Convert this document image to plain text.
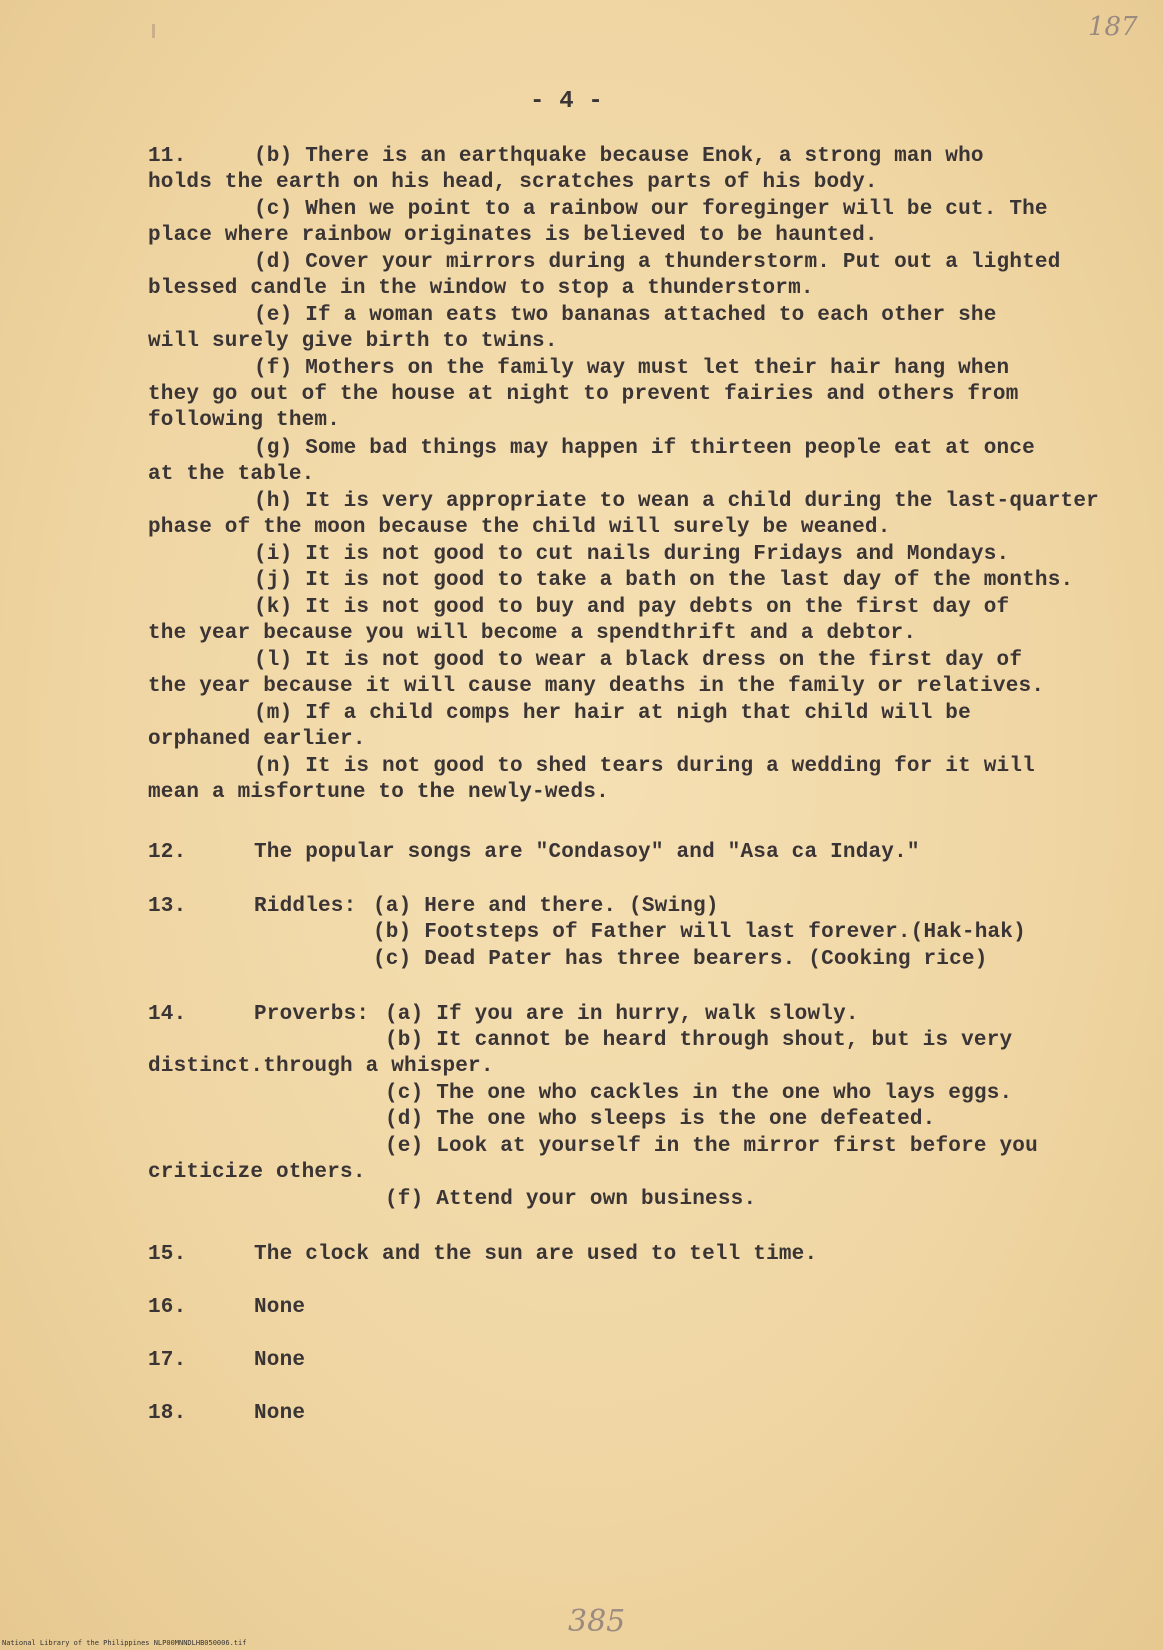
187
- 4 -
11.	(b) There is an earthquake because Enok, a strong man who
holds the earth on his head, scratches parts of his body.
(c) When we point to a rainbow our foreginger will be cut. The
place where rainbow originates is believed to be haunted.
(d) Cover your mirrors during a thunderstorm. Put out a lighted
blessed candle in the window to stop a thunderstorm.
(e) If a woman eats two bananas attached to each other she
will surely give birth to twins.
(f) Mothers on the family way must let their hair hang when
they go out of the house at night to prevent fairies and others from
following them.
(g) Some bad things may happen if thirteen people eat at once
at the table.
(h) It is very appropriate to wean a child during the last-quarter
phase of the moon because the child will surely be weaned.
(i) It is not good to cut nails during Fridays and Mondays.
(j) It is not good to take a bath on the last day of the months.
(k) It is not good to buy and pay debts on the first day of
the year because you will become a spendthrift and a debtor.
(l) It is not good to wear a black dress on the first day of
the year because it will cause many deaths in the family or relatives.
(m) If a child comps her hair at nigh that child will be
orphaned earlier.
(n) It is not good to shed tears during a wedding for it will
mean a misfortune to the newly-weds.
12.	The popular songs are "Condasoy" and "Asa ca Inday."
13.	Riddles: (a) Here and there. (Swing)
(b) Footsteps of Father will last forever.(Hak-hak)
(c) Dead Pater has three bearers. (Cooking rice)
14.	Proverbs: (a) If you are in hurry, walk slowly.
(b) It cannot be heard through shout, but is very
distinct.through a whisper.
(c) The one who cackles in the one who lays eggs.
(d) The one who sleeps is the one defeated.
(e) Look at yourself in the mirror first before you
criticize others.
(f) Attend your own business.
15.	The clock and the sun are used to tell time.
16.	None
17.	None
18.	None
385
National Library of the Philippines NLP00MNNDLHB050006.tif
